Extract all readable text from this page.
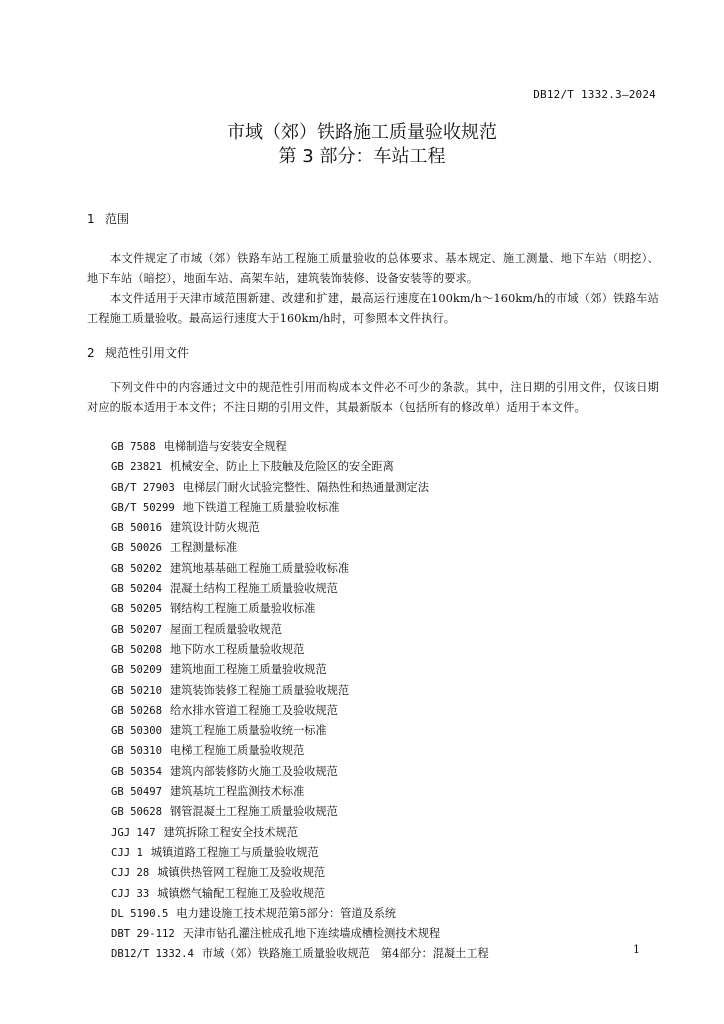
DB12/T 1332.3—2024
市域（郊）铁路施工质量验收规范
第 3 部分：车站工程
1 范围

本文件规定了市域（郊）铁路车站工程施工质量验收的总体要求、基本规定、施工测量、地下车站（明挖）、地下车站（暗挖），地面车站、高架车站，建筑装饰装修、设备安装等的要求。

本文件适用于天津市域范围新建、改建和扩建，最高运行速度在100km/h～160km/h的市域（郊）铁路车站工程施工质量验收。最高运行速度大于160km/h时，可参照本文件执行。

2 规范性引用文件

下列文件中的内容通过文中的规范性引用而构成本文件必不可少的条款。其中，注日期的引用文件，仅该日期对应的版本适用于本文件；不注日期的引用文件，其最新版本（包括所有的修改单）适用于本文件。

GB 7588 电梯制造与安装安全规程
GB 23821 机械安全、防止上下肢触及危险区的安全距离
GB/T 27903 电梯层门耐火试验完整性、隔热性和热通量测定法
GB/T 50299 地下铁道工程施工质量验收标准
GB 50016 建筑设计防火规范
GB 50026 工程测量标准
GB 50202 建筑地基基础工程施工质量验收标准
GB 50204 混凝土结构工程施工质量验收规范
GB 50205 钢结构工程施工质量验收标准
GB 50207 屋面工程质量验收规范
GB 50208 地下防水工程质量验收规范
GB 50209 建筑地面工程施工质量验收规范
GB 50210 建筑装饰装修工程施工质量验收规范
GB 50268 给水排水管道工程施工及验收规范
GB 50300 建筑工程施工质量验收统一标准
GB 50310 电梯工程施工质量验收规范
GB 50354 建筑内部装修防火施工及验收规范
GB 50497 建筑基坑工程监测技术标准
GB 50628 钢管混凝土工程施工质量验收规范
JGJ 147 建筑拆除工程安全技术规范
CJJ 1 城镇道路工程施工与质量验收规范
CJJ 28 城镇供热管网工程施工及验收规范
CJJ 33 城镇燃气输配工程施工及验收规范
DL 5190.5 电力建设施工技术规范第5部分：管道及系统
DBT 29-112 天津市钻孔灌注桩成孔地下连续墙成槽检测技术规程
DB12/T 1332.4 市域（郊）铁路施工质量验收规范　第4部分：混凝土工程	1
